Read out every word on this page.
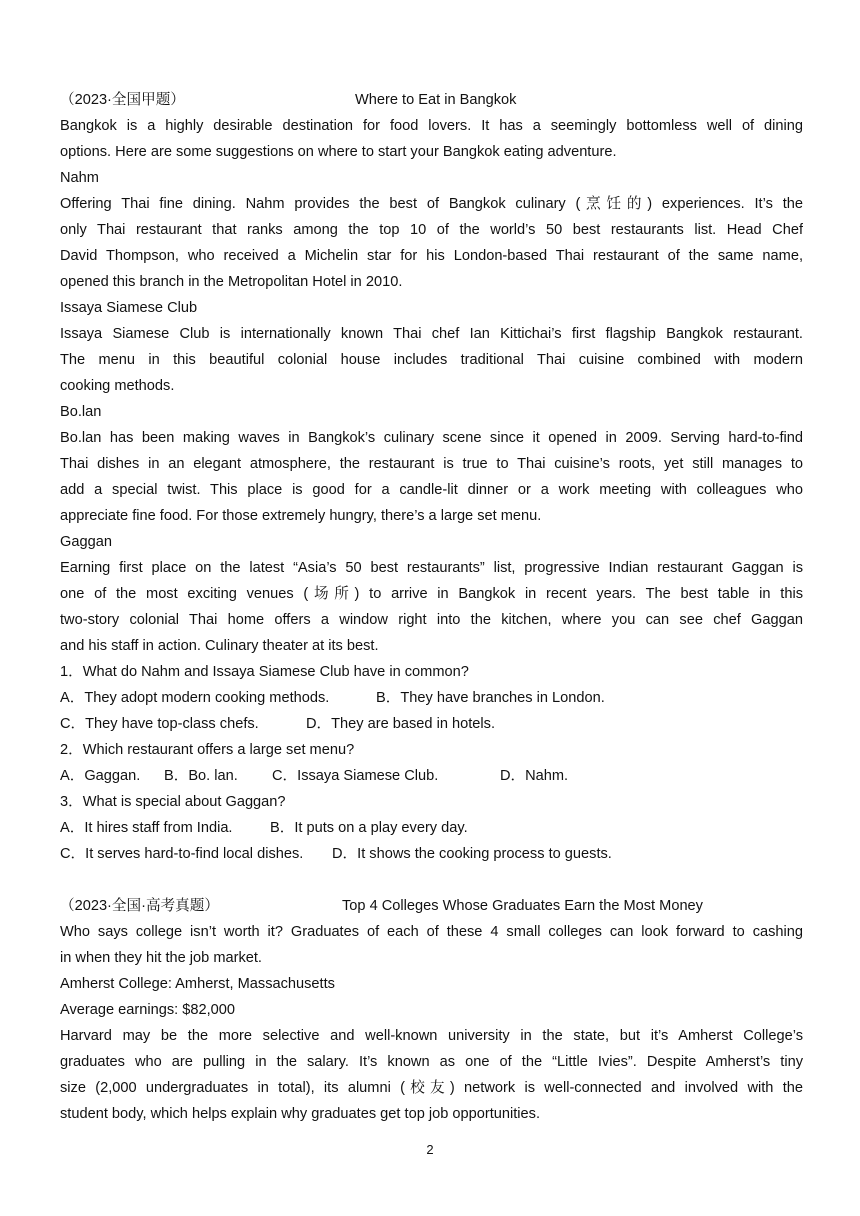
（2023·全国甲题）	Where to Eat in Bangkok
Bangkok is a highly desirable destination for food lovers. It has a seemingly bottomless well of dining
options. Here are some suggestions on where to start your Bangkok eating adventure.
Nahm
Offering Thai fine dining. Nahm provides the best of Bangkok culinary (烹饪的) experiences. It’s the
only Thai restaurant that ranks among the top 10 of the world’s 50 best restaurants list. Head Chef
David Thompson, who received a Michelin star for his London-based Thai restaurant of the same name,
opened this branch in the Metropolitan Hotel in 2010.
Issaya Siamese Club
Issaya Siamese Club is internationally known Thai chef Ian Kittichai’s first flagship Bangkok restaurant.
The menu in this beautiful colonial house includes traditional Thai cuisine combined with modern
cooking methods.
Bo.lan
Bo.lan has been making waves in Bangkok’s culinary scene since it opened in 2009. Serving hard-to-find
Thai dishes in an elegant atmosphere, the restaurant is true to Thai cuisine’s roots, yet still manages to
add a special twist. This place is good for a candle-lit dinner or a work meeting with colleagues who
appreciate fine food. For those extremely hungry, there’s a large set menu.
Gaggan
Earning first place on the latest “Asia’s 50 best restaurants” list, progressive Indian restaurant Gaggan is
one of the most exciting venues (场所) to arrive in Bangkok in recent years. The best table in this
two-story colonial Thai home offers a window right into the kitchen, where you can see chef Gaggan
and his staff in action. Culinary theater at its best.
1．What do Nahm and Issaya Siamese Club have in common?
A．They adopt modern cooking methods.	B．They have branches in London.
C．They have top-class chefs.	D．They are based in hotels.
2．Which restaurant offers a large set menu?
A．Gaggan. B．Bo. lan. C．Issaya Siamese Club.	D．Nahm.
3．What is special about Gaggan?
A．It hires staff from India.	B．It puts on a play every day.
C．It serves hard-to-find local dishes. D．It shows the cooking process to guests.
（2023·全国·高考真题）	Top 4 Colleges Whose Graduates Earn the Most Money
Who says college isn’t worth it? Graduates of each of these 4 small colleges can look forward to cashing
in when they hit the job market.
Amherst College: Amherst, Massachusetts
Average earnings: $82,000
Harvard may be the more selective and well-known university in the state, but it’s Amherst College’s
graduates who are pulling in the salary. It’s known as one of the “Little Ivies”. Despite Amherst’s tiny
size (2,000 undergraduates in total), its alumni (校友) network is well-connected and involved with the
student body, which helps explain why graduates get top job opportunities.
2
